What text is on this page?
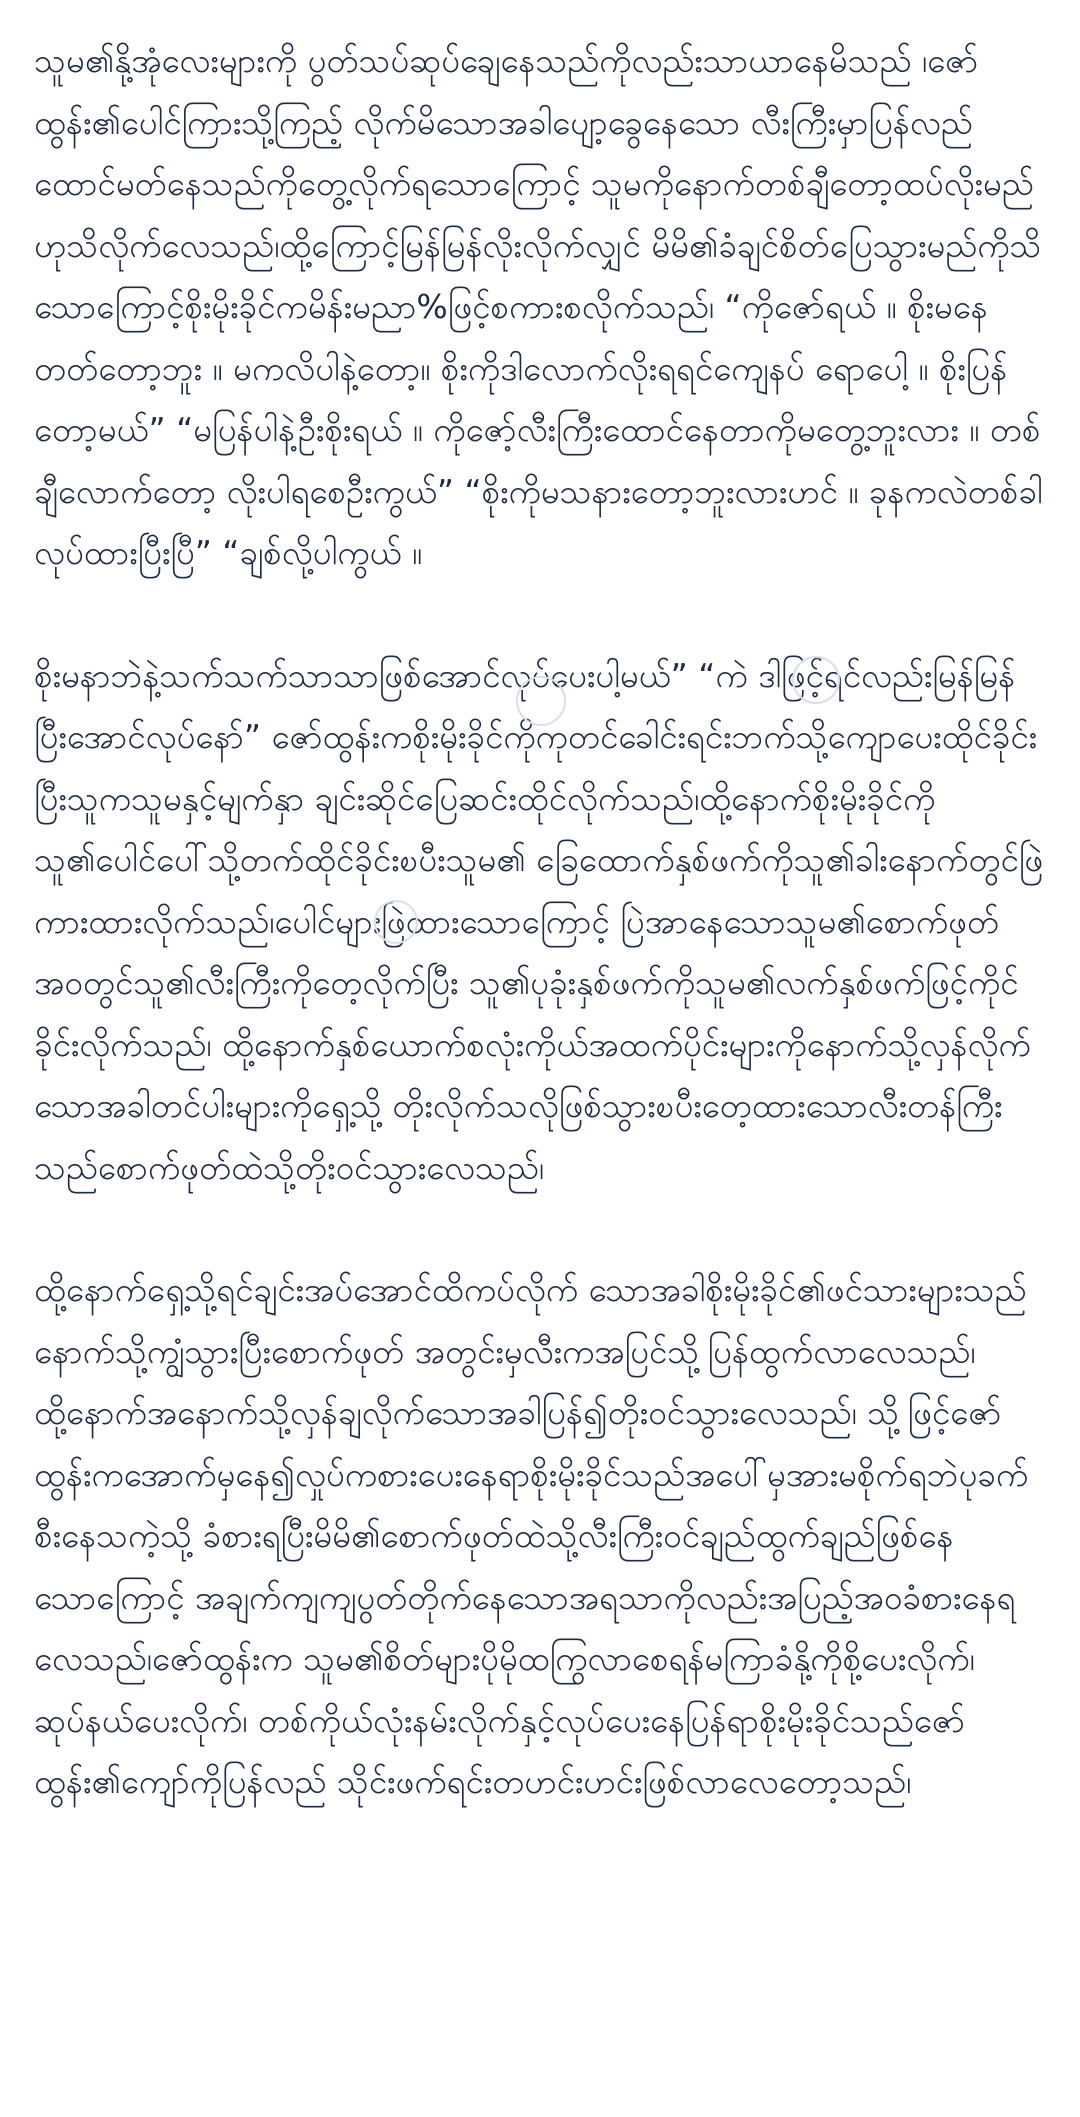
သူမ၏နို့အုံလေးများကို ပွတ်သပ်ဆုပ်ချေနေသည်ကိုလည်းသာယာနေမိသည် ၊ဇော်ထွန်း၏ပေါင်ကြားသို့ကြည့် လိုက်မိသောအခါပျော့ခွေနေသော လီးကြီးမှာပြန်လည်ထောင်မတ်နေသည်ကိုတွေ့လိုက်ရသောကြောင့် သူမကိုနောက်တစ်ချီတော့ထပ်လိုးမည်ဟုသိလိုက်လေသည်၊ထို့ကြောင့်မြန်မြန်လိုးလိုက်လျှင် မိမိ၏ခံချင်စိတ်ပြေသွားမည်ကိုသိသောကြောင့်စိုးမိုးခိုင်ကမိန်းမညာ%ဖြင့်စကားစလိုက်သည်၊ “ကိုဇော်ရယ် ။ စိုးမနေတတ်တော့ဘူး ။ မကလိပါနဲ့တော့။ စိုးကိုဒါလောက်လိုးရရင်ကျေနပ် ရောပေါ့ ။ စိုးပြန်တော့မယ်” “မပြန်ပါနဲ့ဦးစိုးရယ် ။ ကိုဇော့်လီးကြီးထောင်နေတာကိုမတွေ့ဘူးလား ။ တစ်ချီလောက်တော့ လိုးပါရစေဦးကွယ်” “စိုးကိုမသနားတော့ဘူးလားဟင် ။ ခုနကလဲတစ်ခါလုပ်ထားပြီးပြီ” “ချစ်လို့ပါကွယ် ။

စိုးမနာဘဲနဲ့သက်သက်သာသာဖြစ်အောင်လုပ်ပေးပါ့မယ်” “ကဲ ဒါဖြင့်ရင်လည်းမြန်မြန်ပြီးအောင်လုပ်နော်” ဇော်ထွန်းကစိုးမိုးခိုင်ကိုကုတင်ခေါင်းရင်းဘက်သို့ကျောပေးထိုင်ခိုင်းပြီးသူကသူမနှင့်မျက်နှာ ချင်းဆိုင်ပြေဆင်းထိုင်လိုက်သည်၊ထို့နောက်စိုးမိုးခိုင်ကိုသူ၏ပေါင်ပေါ်သို့တက်ထိုင်ခိုင်းၿပီးသူမ၏ ခြေထောက်နှစ်ဖက်ကိုသူ၏ခါးနောက်တွင်ဖြဲကားထားလိုက်သည်၊ပေါင်များဖြဲထားသောကြောင့် ပြဲအာနေသောသူမ၏စောက်ဖုတ်အဝတွင်သူ၏လီးကြီးကိုတေ့လိုက်ပြီး သူ၏ပုခုံးနှစ်ဖက်ကိုသူမ၏လက်နှစ်ဖက်ဖြင့်ကိုင်ခိုင်းလိုက်သည်၊ ထို့နောက်နှစ်ယောက်စလုံးကိုယ်အထက်ပိုင်းများကိုနောက်သို့လှန်လိုက်သောအခါတင်ပါးများကိုရှေ့သို့ တိုးလိုက်သလိုဖြစ်သွားၿပီးတေ့ထားသောလီးတန်ကြီး သည်စောက်ဖုတ်ထဲသို့တိုးဝင်သွားလေသည်၊

ထို့နောက်ရှေ့သို့ရင်ချင်းအပ်အောင်ထိကပ်လိုက် သောအခါစိုးမိုးခိုင်၏ဖင်သားများသည်နောက်သို့ကျွံသွားပြီးစောက်ဖုတ် အတွင်းမှလီးကအပြင်သို့ပြန်ထွက်လာလေသည်၊ ထို့နောက်အနောက်သို့လှန်ချလိုက်သောအခါပြန်၍တိုးဝင်သွားလေသည်၊ သို့ဖြင့်ဇော်ထွန်းကအောက်မှနေ၍လှုပ်ကစားပေးနေရာစိုးမိုးခိုင်သည်အပေါ်မှအားမစိုက်ရဘဲပုခက်စီးနေသကဲ့သို့ ခံစားရပြီးမိမိ၏စောက်ဖုတ်ထဲသို့လီးကြီးဝင်ချည်ထွက်ချည်ဖြစ်နေသောကြောင့် အချက်ကျကျပွတ်တိုက်နေသောအရသာကိုလည်းအပြည့်အဝခံစားနေရလေသည်၊ဇော်ထွန်းက သူမ၏စိတ်များပိုမိုထကြွလာစေရန်မကြာခံနို့ကိုစို့ပေးလိုက်၊ဆုပ်နယ်ပေးလိုက်၊ တစ်ကိုယ်လုံးနမ်းလိုက်နှင့်လုပ်ပေးနေပြန်ရာစိုးမိုးခိုင်သည်ဇော်ထွန်း၏ကျော်ကိုပြန်လည် သိုင်းဖက်ရင်းတဟင်းဟင်းဖြစ်လာလေတော့သည်၊
